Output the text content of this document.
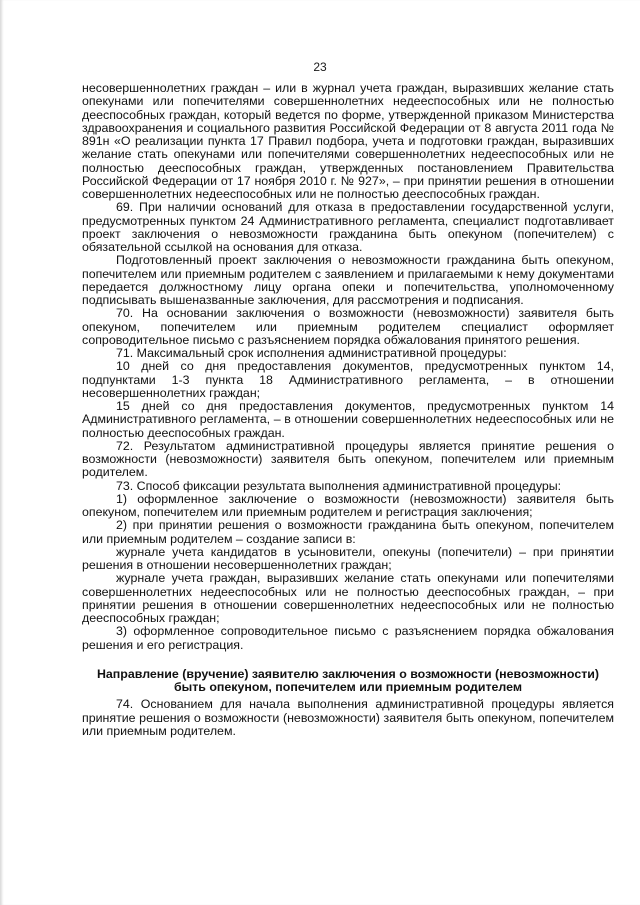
23

несовершеннолетних граждан – или в журнал учета граждан, выразивших желание стать опекунами или попечителями совершеннолетних недееспособных или не полностью дееспособных граждан, который ведется по форме, утвержденной приказом Министерства здравоохранения и социального развития Российской Федерации от 8 августа 2011 года № 891н «О реализации пункта 17 Правил подбора, учета и подготовки граждан, выразивших желание стать опекунами или попечителями совершеннолетних недееспособных или не полностью дееспособных граждан, утвержденных постановлением Правительства Российской Федерации от 17 ноября 2010 г. № 927», – при принятии решения в отношении совершеннолетних недееспособных или не полностью дееспособных граждан.

69. При наличии оснований для отказа в предоставлении государственной услуги, предусмотренных пунктом 24 Административного регламента, специалист подготавливает проект заключения о невозможности гражданина быть опекуном (попечителем) с обязательной ссылкой на основания для отказа.

Подготовленный проект заключения о невозможности гражданина быть опекуном, попечителем или приемным родителем с заявлением и прилагаемыми к нему документами передается должностному лицу органа опеки и попечительства, уполномоченному подписывать вышеназванные заключения, для рассмотрения и подписания.

70. На основании заключения о возможности (невозможности) заявителя быть опекуном, попечителем или приемным родителем специалист оформляет сопроводительное письмо с разъяснением порядка обжалования принятого решения.

71. Максимальный срок исполнения административной процедуры:

10 дней со дня предоставления документов, предусмотренных пунктом 14, подпунктами 1-3 пункта 18 Административного регламента, – в отношении несовершеннолетних граждан;

15 дней со дня предоставления документов, предусмотренных пунктом 14 Административного регламента, – в отношении совершеннолетних недееспособных или не полностью дееспособных граждан.

72. Результатом административной процедуры является принятие решения о возможности (невозможности) заявителя быть опекуном, попечителем или приемным родителем.

73. Способ фиксации результата выполнения административной процедуры:

1) оформленное заключение о возможности (невозможности) заявителя быть опекуном, попечителем или приемным родителем и регистрация заключения;

2) при принятии решения о возможности гражданина быть опекуном, попечителем или приемным родителем – создание записи в:

журнале учета кандидатов в усыновители, опекуны (попечители) – при принятии решения в отношении несовершеннолетних граждан;

журнале учета граждан, выразивших желание стать опекунами или попечителями совершеннолетних недееспособных или не полностью дееспособных граждан, – при принятии решения в отношении совершеннолетних недееспособных или не полностью дееспособных граждан;

3) оформленное сопроводительное письмо с разъяснением порядка обжалования решения и его регистрация.

Направление (вручение) заявителю заключения о возможности (невозможности)
быть опекуном, попечителем или приемным родителем

74. Основанием для начала выполнения административной процедуры является принятие решения о возможности (невозможности) заявителя быть опекуном, попечителем или приемным родителем.
